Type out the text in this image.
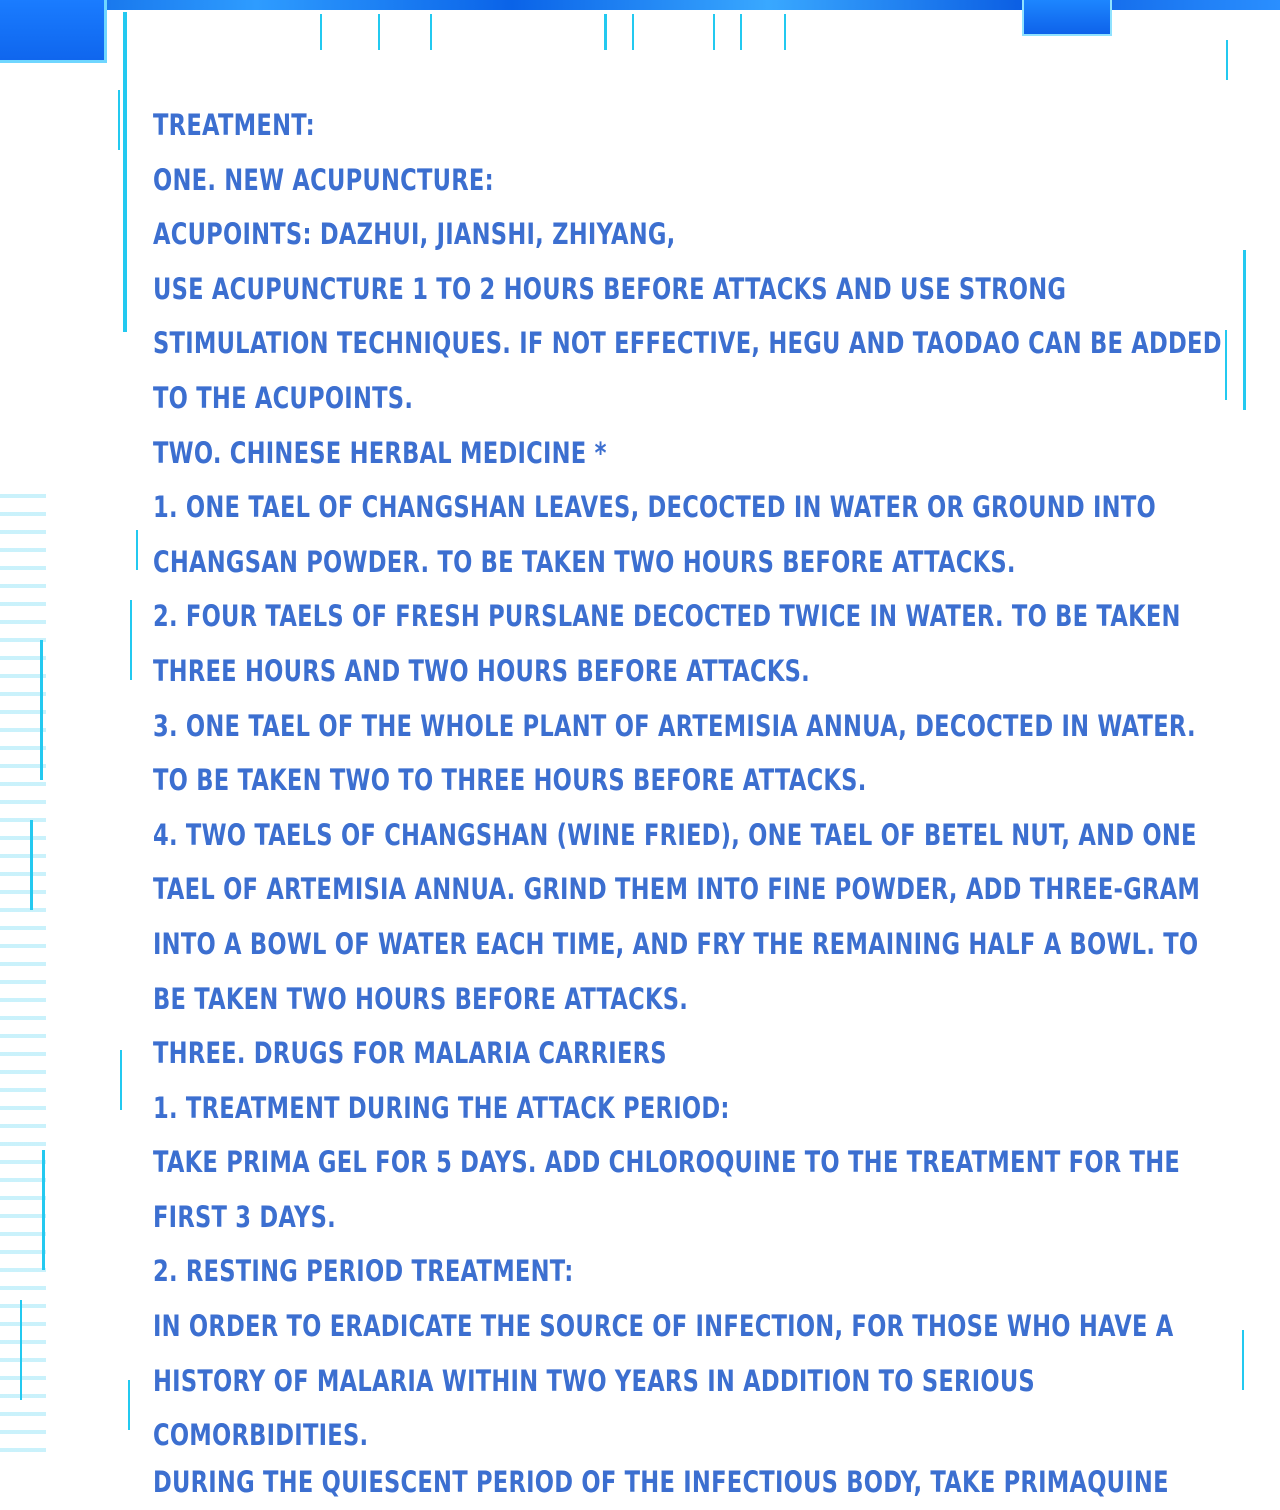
TREATMENT:
ONE. NEW ACUPUNCTURE:
ACUPOINTS: DAZHUI, JIANSHI, ZHIYANG,
USE ACUPUNCTURE 1 TO 2 HOURS BEFORE ATTACKS AND USE STRONG
STIMULATION TECHNIQUES. IF NOT EFFECTIVE, HEGU AND TAODAO CAN BE ADDED
TO THE ACUPOINTS.
TWO. CHINESE HERBAL MEDICINE *
1. ONE TAEL OF CHANGSHAN LEAVES, DECOCTED IN WATER OR GROUND INTO
CHANGSAN POWDER. TO BE TAKEN TWO HOURS BEFORE ATTACKS.
2. FOUR TAELS OF FRESH PURSLANE DECOCTED TWICE IN WATER. TO BE TAKEN
THREE HOURS AND TWO HOURS BEFORE ATTACKS.
3. ONE TAEL OF THE WHOLE PLANT OF ARTEMISIA ANNUA, DECOCTED IN WATER.
TO BE TAKEN TWO TO THREE HOURS BEFORE ATTACKS.
4. TWO TAELS OF CHANGSHAN (WINE FRIED), ONE TAEL OF BETEL NUT, AND ONE
TAEL OF ARTEMISIA ANNUA. GRIND THEM INTO FINE POWDER, ADD THREE-GRAM
INTO A BOWL OF WATER EACH TIME, AND FRY THE REMAINING HALF A BOWL. TO
BE TAKEN TWO HOURS BEFORE ATTACKS.
THREE. DRUGS FOR MALARIA CARRIERS
1. TREATMENT DURING THE ATTACK PERIOD:
TAKE PRIMA GEL FOR 5 DAYS. ADD CHLOROQUINE TO THE TREATMENT FOR THE
FIRST 3 DAYS.
2. RESTING PERIOD TREATMENT:
IN ORDER TO ERADICATE THE SOURCE OF INFECTION, FOR THOSE WHO HAVE A
HISTORY OF MALARIA WITHIN TWO YEARS IN ADDITION TO SERIOUS
COMORBIDITIES.
DURING THE QUIESCENT PERIOD OF THE INFECTIOUS BODY, TAKE PRIMAQUINE
